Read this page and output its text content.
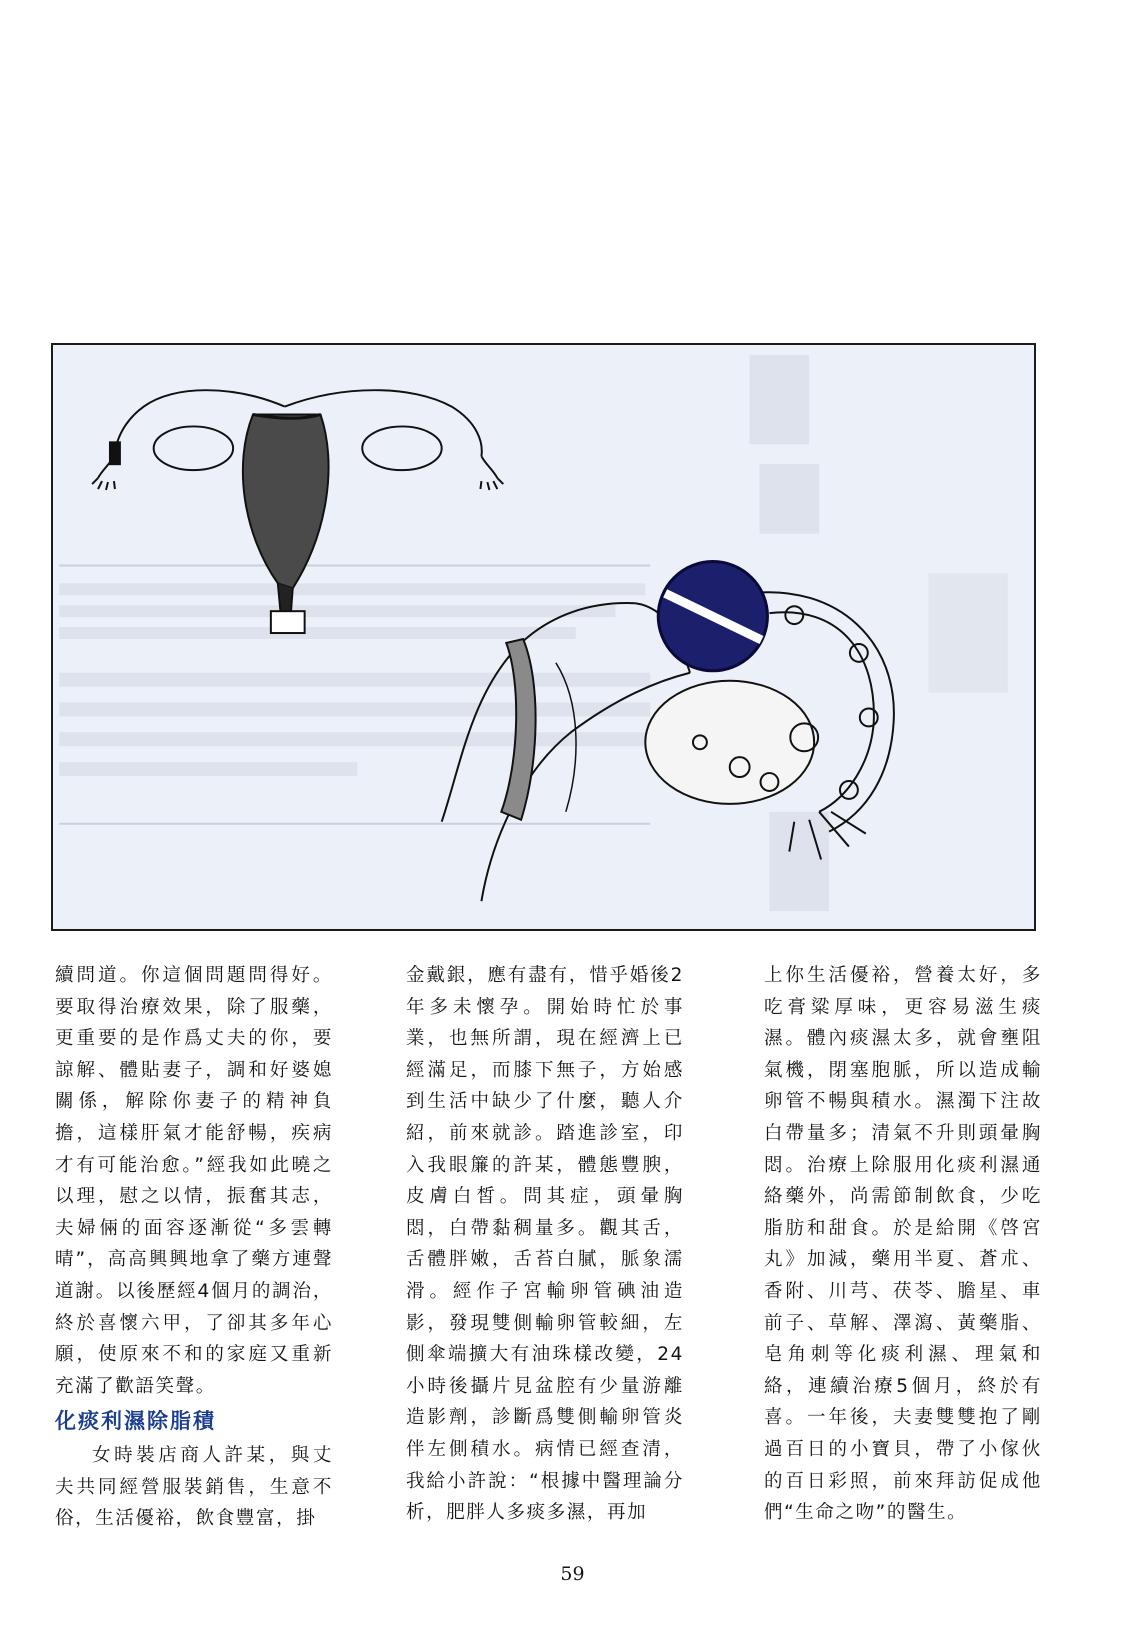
續問道。你這個問題問得好。要取得治療效果，除了服藥，更重要的是作爲丈夫的你，要諒解、體貼妻子，調和好婆媳關係，解除你妻子的精神負擔，這樣肝氣才能舒暢，疾病才有可能治愈。”經我如此曉之以理，慰之以情，振奮其志，夫婦倆的面容逐漸從“多雲轉晴”，高高興興地拿了藥方連聲道謝。以後歷經4個月的調治，終於喜懷六甲，了卻其多年心願，使原來不和的家庭又重新充滿了歡語笑聲。

化痰利濕除脂積

女時裝店商人許某，與丈夫共同經營服裝銷售，生意不俗，生活優裕，飲食豐富，掛

金戴銀，應有盡有，惜乎婚後2年多未懷孕。開始時忙於事業，也無所謂，現在經濟上已經滿足，而膝下無子，方始感到生活中缺少了什麼，聽人介紹，前來就診。踏進診室，印入我眼簾的許某，體態豐腴，皮膚白皙。問其症，頭暈胸悶，白帶黏稠量多。觀其舌，舌體胖嫩，舌苔白膩，脈象濡滑。經作子宮輸卵管碘油造影，發現雙側輸卵管較細，左側傘端擴大有油珠樣改變，24小時後攝片見盆腔有少量游離造影劑，診斷爲雙側輸卵管炎伴左側積水。病情已經查清，我給小許說：“根據中醫理論分析，肥胖人多痰多濕，再加

上你生活優裕，營養太好，多吃膏粱厚味，更容易滋生痰濕。體內痰濕太多，就會壅阻氣機，閉塞胞脈，所以造成輸卵管不暢與積水。濕濁下注故白帶量多；清氣不升則頭暈胸悶。治療上除服用化痰利濕通絡藥外，尚需節制飲食，少吃脂肪和甜食。於是給開《啓宮丸》加減，藥用半夏、蒼朮、香附、川芎、茯苓、膽星、車前子、草解、澤瀉、黃藥脂、皂角刺等化痰利濕、理氣和絡，連續治療5個月，終於有喜。一年後，夫妻雙雙抱了剛過百日的小寶貝，帶了小傢伙的百日彩照，前來拜訪促成他們“生命之吻”的醫生。

59
